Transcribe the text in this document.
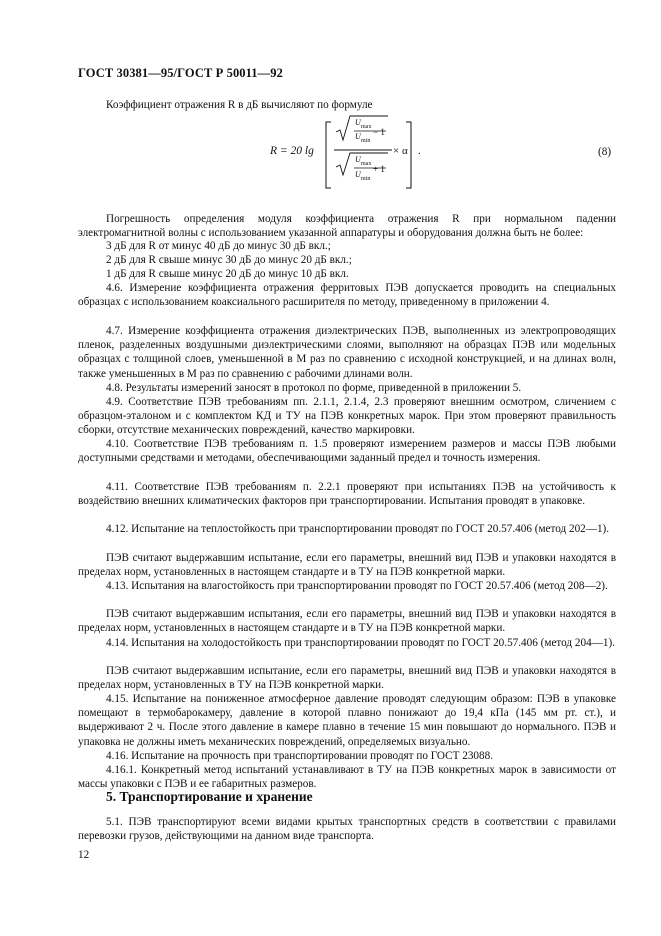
ГОСТ 30381—95/ГОСТ Р 50011—92

Коэффициент отражения R в дБ вычисляют по формуле

R = 20 lg
U max
U min
− 1
U max
U min
+ 1
× α .	(8)

Погрешность определения модуля коэффициента отражения R при нормальном падении электромагнитной волны с использованием указанной аппаратуры и оборудования должна быть не более:

3 дБ для R от минус 40 дБ до минус 30 дБ вкл.;
2 дБ для R свыше минус 30 дБ до минус 20 дБ вкл.;
1 дБ для R свыше минус 20 дБ до минус 10 дБ вкл.

4.6. Измерение коэффициента отражения ферритовых ПЭВ допускается проводить на специальных образцах с использованием коаксиального расширителя по методу, приведенному в приложении 4.

4.7. Измерение коэффициента отражения диэлектрических ПЭВ, выполненных из электропроводящих пленок, разделенных воздушными диэлектрическими слоями, выполняют на образцах ПЭВ или модельных образцах с толщиной слоев, уменьшенной в M раз по сравнению с исходной конструкцией, и на длинах волн, также уменьшенных в M раз по сравнению с рабочими длинами волн.

4.8. Результаты измерений заносят в протокол по форме, приведенной в приложении 5.

4.9. Соответствие ПЭВ требованиям пп. 2.1.1, 2.1.4, 2.3 проверяют внешним осмотром, сличением с образцом-эталоном и с комплектом КД и ТУ на ПЭВ конкретных марок. При этом проверяют правильность сборки, отсутствие механических повреждений, качество маркировки.

4.10. Соответствие ПЭВ требованиям п. 1.5 проверяют измерением размеров и массы ПЭВ любыми доступными средствами и методами, обеспечивающими заданный предел и точность измерения.

4.11. Соответствие ПЭВ требованиям п. 2.2.1 проверяют при испытаниях ПЭВ на устойчивость к воздействию внешних климатических факторов при транспортировании. Испытания проводят в упаковке.

4.12. Испытание на теплостойкость при транспортировании проводят по ГОСТ 20.57.406 (метод 202—1).

ПЭВ считают выдержавшим испытание, если его параметры, внешний вид ПЭВ и упаковки находятся в пределах норм, установленных в настоящем стандарте и в ТУ на ПЭВ конкретной марки.

4.13. Испытания на влагостойкость при транспортировании проводят по ГОСТ 20.57.406 (метод 208—2).

ПЭВ считают выдержавшим испытания, если его параметры, внешний вид ПЭВ и упаковки находятся в пределах норм, установленных в настоящем стандарте и в ТУ на ПЭВ конкретной марки.

4.14. Испытания на холодостойкость при транспортировании проводят по ГОСТ 20.57.406 (метод 204—1).

ПЭВ считают выдержавшим испытание, если его параметры, внешний вид ПЭВ и упаковки находятся в пределах норм, установленных в ТУ на ПЭВ конкретной марки.

4.15. Испытание на пониженное атмосферное давление проводят следующим образом: ПЭВ в упаковке помещают в термобарокамеру, давление в которой плавно понижают до 19,4 кПа (145 мм рт. ст.), и выдерживают 2 ч. После этого давление в камере плавно в течение 15 мин повышают до нормального. ПЭВ и упаковка не должны иметь механических повреждений, определяемых визуально.

4.16. Испытание на прочность при транспортировании проводят по ГОСТ 23088.

4.16.1. Конкретный метод испытаний устанавливают в ТУ на ПЭВ конкретных марок в зависимости от массы упаковки с ПЭВ и ее габаритных размеров.

5. Транспортирование и хранение

5.1. ПЭВ транспортируют всеми видами крытых транспортных средств в соответствии с правилами перевозки грузов, действующими на данном виде транспорта.

12
